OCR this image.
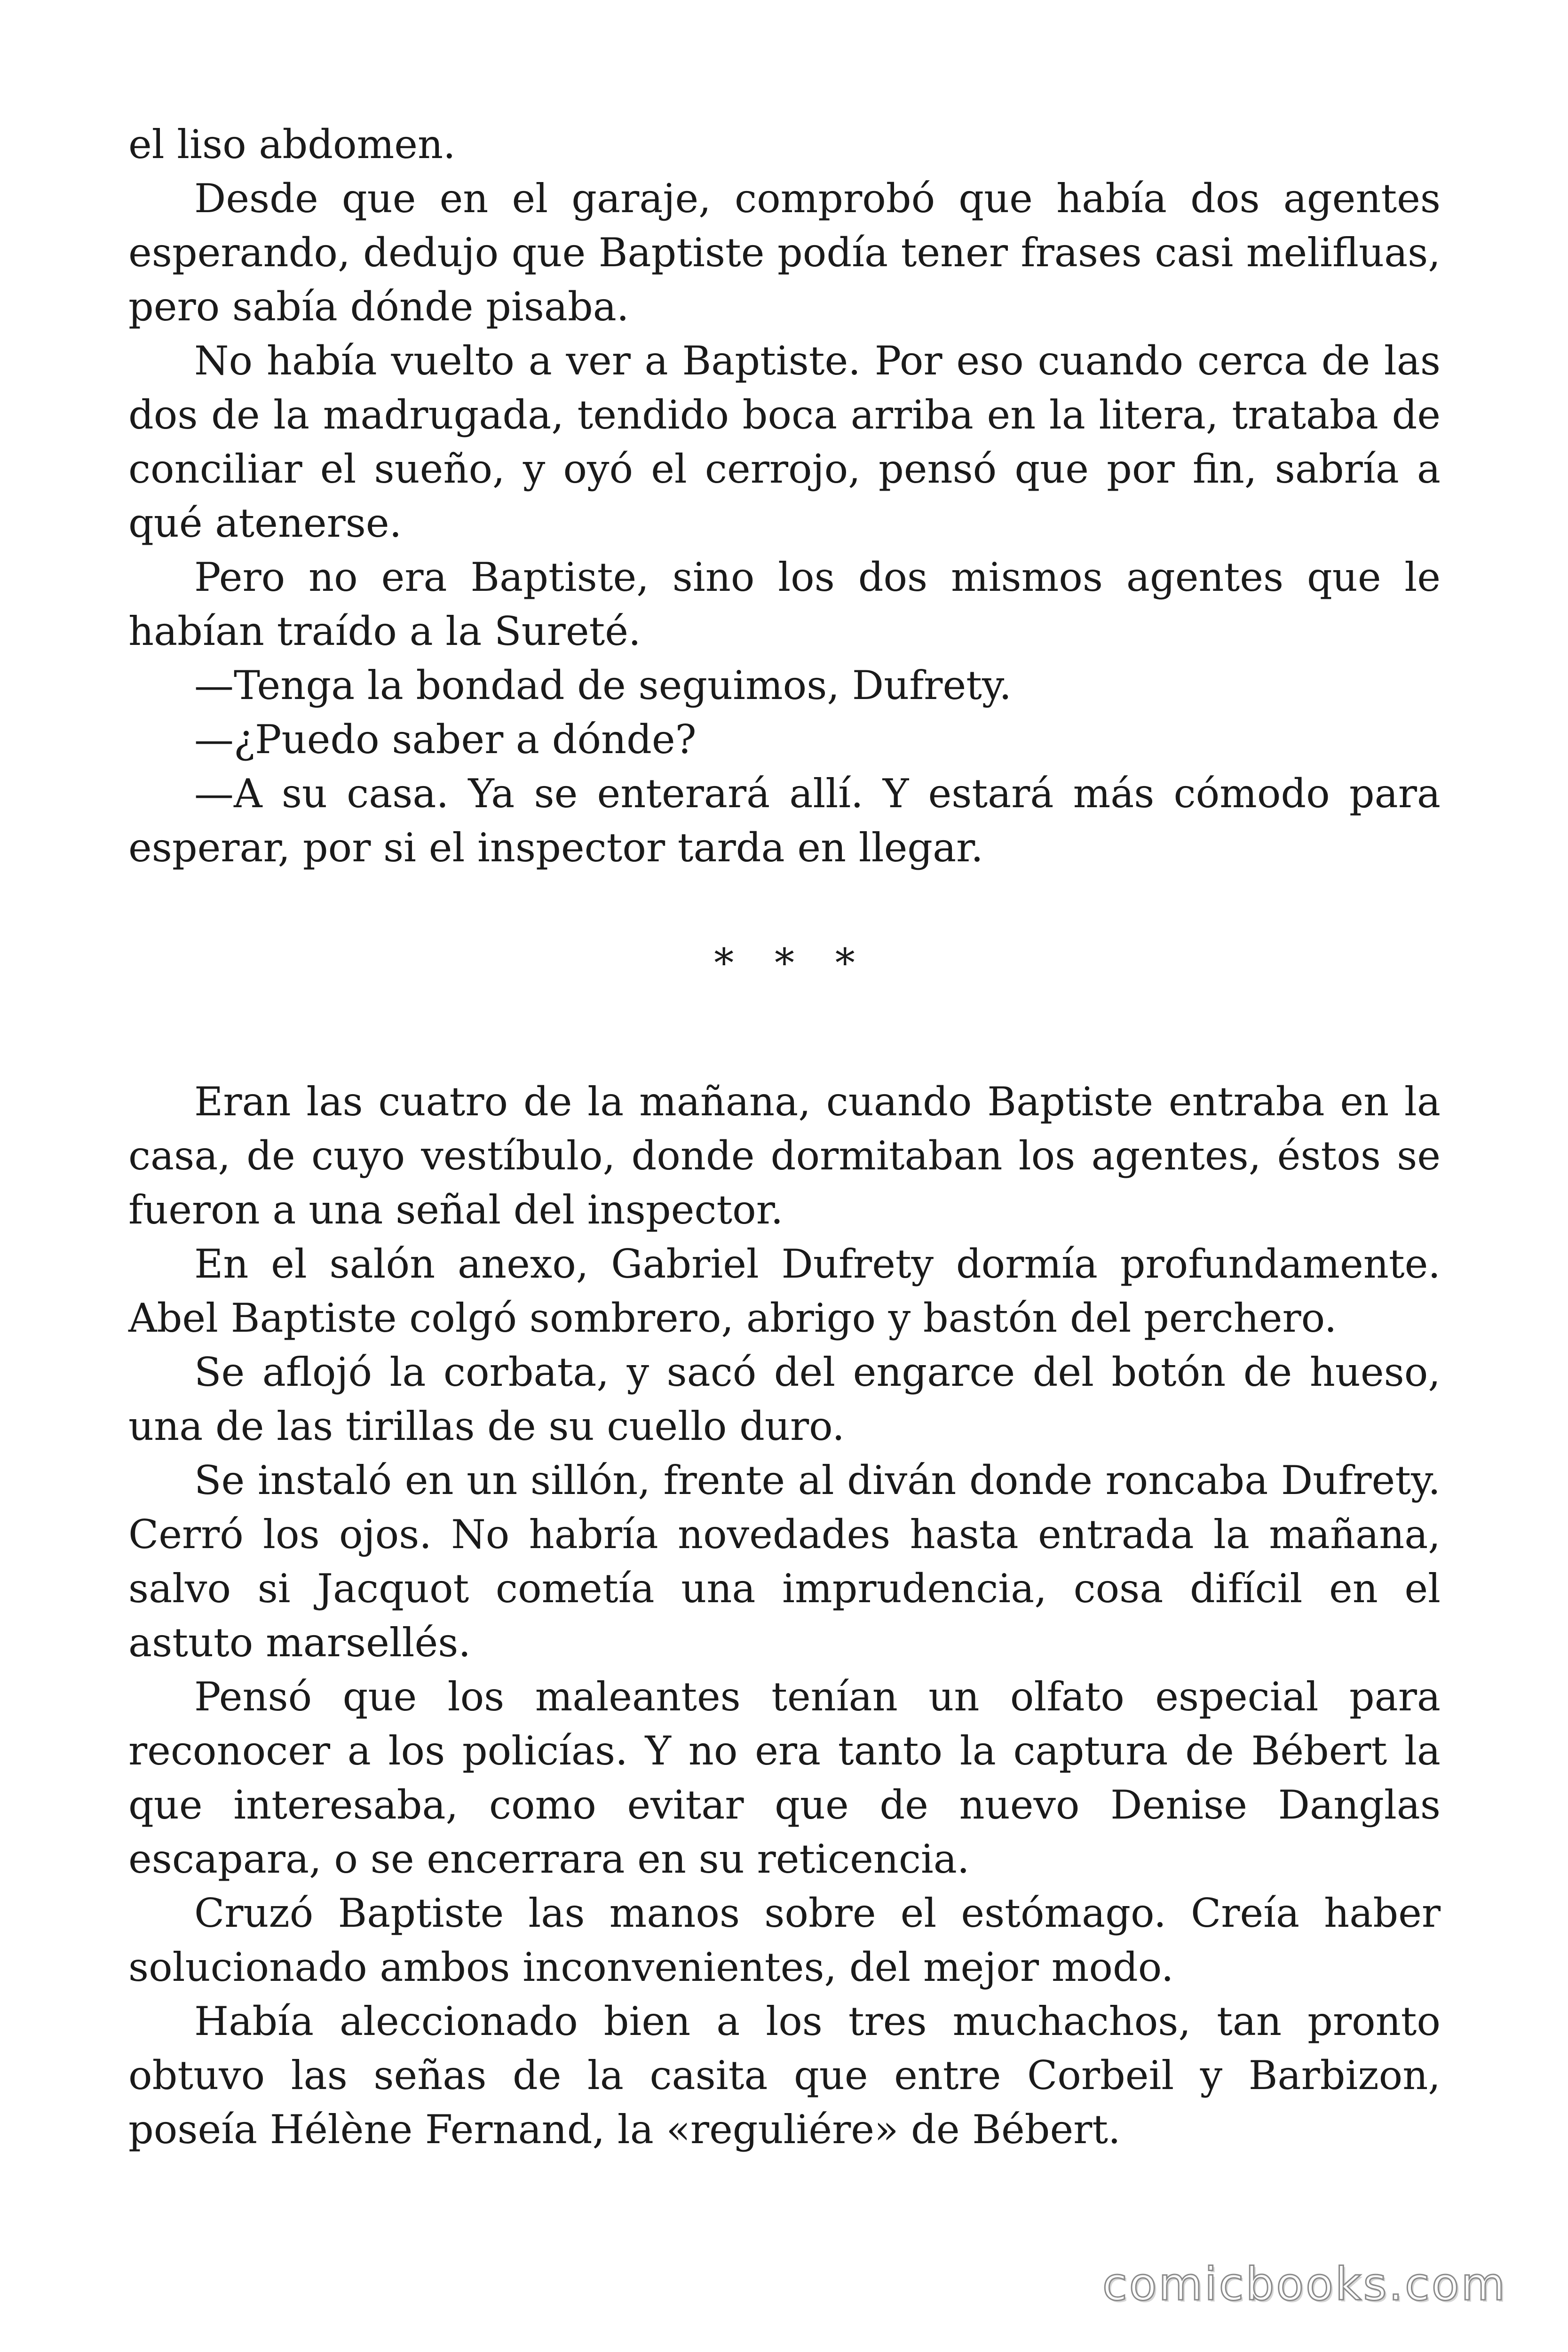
el liso abdomen.

Desde que en el garaje, comprobó que había dos agentes esperando, dedujo que Baptiste podía tener frases casi melifluas, pero sabía dónde pisaba.

No había vuelto a ver a Baptiste. Por eso cuando cerca de las dos de la madrugada, tendido boca arriba en la litera, trataba de conciliar el sueño, y oyó el cerrojo, pensó que por fin, sabría a qué atenerse.

Pero no era Baptiste, sino los dos mismos agentes que le habían traído a la Sureté.

—Tenga la bondad de seguimos, Dufrety.

—¿Puedo saber a dónde?

—A su casa. Ya se enterará allí. Y estará más cómodo para esperar, por si el inspector tarda en llegar.

* * *

Eran las cuatro de la mañana, cuando Baptiste entraba en la casa, de cuyo vestíbulo, donde dormitaban los agentes, éstos se fueron a una señal del inspector.

En el salón anexo, Gabriel Dufrety dormía profundamente. Abel Baptiste colgó sombrero, abrigo y bastón del perchero.

Se aflojó la corbata, y sacó del engarce del botón de hueso, una de las tirillas de su cuello duro.

Se instaló en un sillón, frente al diván donde roncaba Dufrety. Cerró los ojos. No habría novedades hasta entrada la mañana, salvo si Jacquot cometía una imprudencia, cosa difícil en el astuto marsellés.

Pensó que los maleantes tenían un olfato especial para reconocer a los policías. Y no era tanto la captura de Bébert la que interesaba, como evitar que de nuevo Denise Danglas escapara, o se encerrara en su reticencia.

Cruzó Baptiste las manos sobre el estómago. Creía haber solucionado ambos inconvenientes, del mejor modo.

Había aleccionado bien a los tres muchachos, tan pronto obtuvo las señas de la casita que entre Corbeil y Barbizon, poseía Hélène Fernand, la «reguliére» de Bébert.

comicbooks.com
